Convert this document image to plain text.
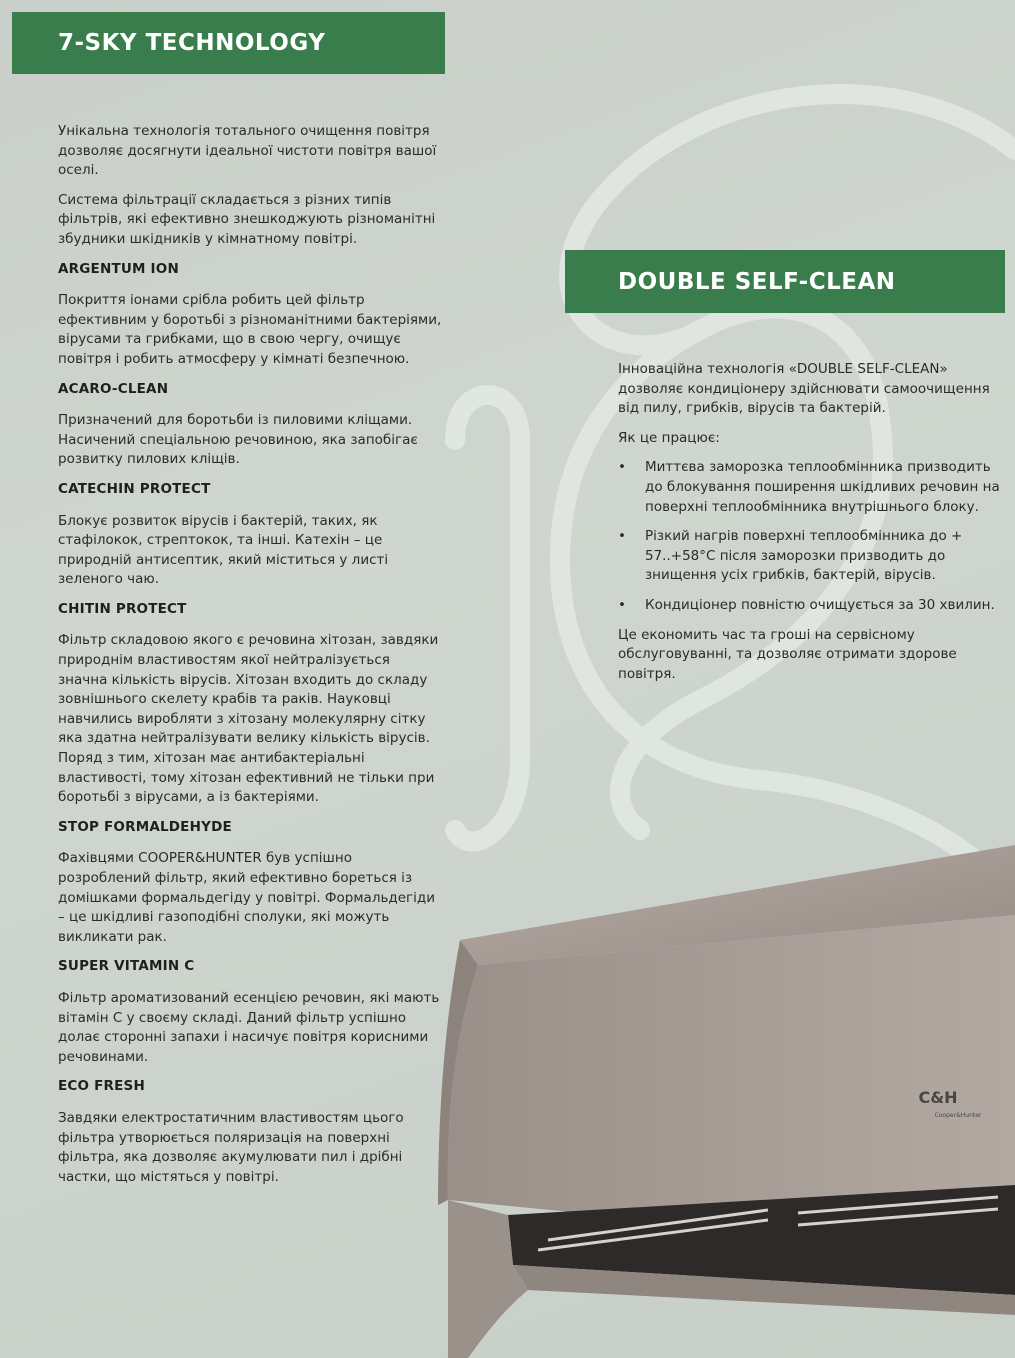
7-SKY TECHNOLOGY

Унікальна технологія тотального очищення повітря дозволяє досягнути ідеальної чистоти повітря вашої оселі.

Система фільтрації складається з різних типів фільтрів, які ефективно знешкоджують різноманітні збудники шкідників у кімнатному повітрі.

ARGENTUM ION

Покриття іонами срібла робить цей фільтр ефективним у боротьбі з різноманітними бактеріями, вірусами та грибками, що в свою чергу, очищує повітря і робить атмосферу у кімнаті безпечною.

ACARO-CLEAN

Призначений для боротьби із пиловими кліщами. Насичений спеціальною речовиною, яка запобігає розвитку пилових кліщів.

CATECHIN PROTECT

Блокує розвиток вірусів і бактерій, таких, як стафілокок, стрептокок, та інші. Катехін – це природній антисептик, який міститься у листі зеленого чаю.

CHITIN PROTECT

Фільтр складовою якого є речовина хітозан, завдяки природнім властивостям якої нейтралізується значна кількість вірусів. Хітозан входить до складу зовнішнього скелету крабів та раків. Науковці навчились виробляти з хітозану молекулярну сітку яка здатна нейтралізувати велику кількість вірусів. Поряд з тим, хітозан має антибактеріальні властивості, тому хітозан ефективний не тільки при боротьбі з вірусами, а із бактеріями.

STOP FORMALDEHYDE

Фахівцями COOPER&HUNTER був успішно розроблений фільтр, який ефективно бореться із домішками формальдегіду у повітрі. Формальдегіди – це шкідливі газоподібні сполуки, які можуть викликати рак.

SUPER VITAMIN C

Фільтр ароматизований есенцією речовин, які мають вітамін С у своєму складі. Даний фільтр успішно долає сторонні запахи і насичує повітря корисними речовинами.

ECO FRESH

Завдяки електростатичним властивостям цього фільтра утворюється поляризація на поверхні фільтра, яка дозволяє акумулювати пил і дрібні частки, що містяться у повітрі.

DOUBLE SELF-CLEAN

Інноваційна технологія «DOUBLE SELF-CLEAN» дозволяє кондиціонеру здійснювати самоочищення від пилу, грибків, вірусів та бактерій.

Як це працює:

• Миттєва заморозка теплообмінника призводить до блокування поширення шкідливих речовин на поверхні теплообмінника внутрішнього блоку.
• Різкий нагрів поверхні теплообмінника до + 57..+58°C після заморозки призводить до знищення усіх грибків, бактерій, вірусів.
• Кондиціонер повністю очищується за 30 хвилин.

Це економить час та гроші на сервісному обслуговуванні, та дозволяє отримати здорове повітря.

C&H
Cooper&Hunter
